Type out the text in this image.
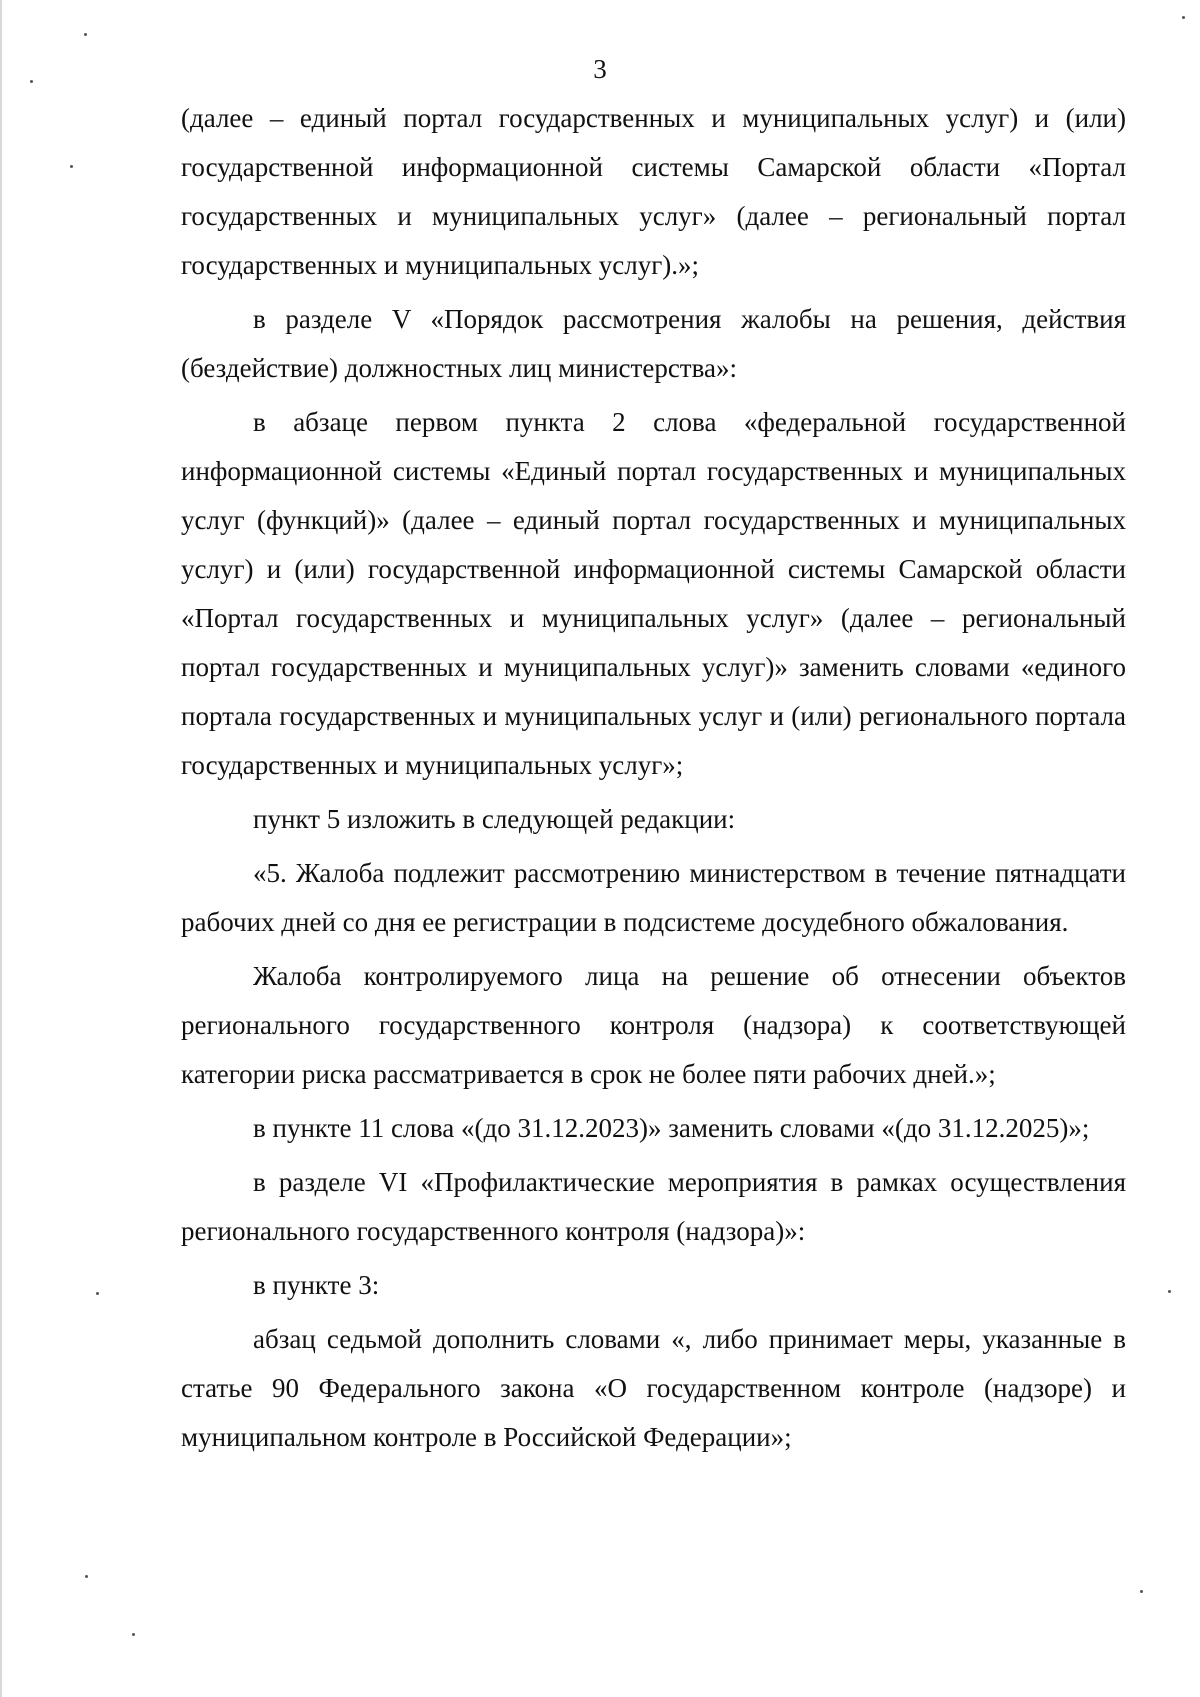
3

(далее – единый портал государственных и муниципальных услуг) и (или) государственной информационной системы Самарской области «Портал государственных и муниципальных услуг» (далее – региональный портал государственных и муниципальных услуг).»;

в разделе V «Порядок рассмотрения жалобы на решения, действия (бездействие) должностных лиц министерства»:

в абзаце первом пункта 2 слова «федеральной государственной информационной системы «Единый портал государственных и муниципальных услуг (функций)» (далее – единый портал государственных и муниципальных услуг) и (или) государственной информационной системы Самарской области «Портал государственных и муниципальных услуг» (далее – региональный портал государственных и муниципальных услуг)» заменить словами «единого портала государственных и муниципальных услуг и (или) регионального портала государственных и муниципальных услуг»;

пункт 5 изложить в следующей редакции:

«5. Жалоба подлежит рассмотрению министерством в течение пятнадцати рабочих дней со дня ее регистрации в подсистеме досудебного обжалования.

Жалоба контролируемого лица на решение об отнесении объектов регионального государственного контроля (надзора) к соответствующей категории риска рассматривается в срок не более пяти рабочих дней.»;

в пункте 11 слова «(до 31.12.2023)» заменить словами «(до 31.12.2025)»;

в разделе VI «Профилактические мероприятия в рамках осуществления регионального государственного контроля (надзора)»:

в пункте 3:

абзац седьмой дополнить словами «, либо принимает меры, указанные в статье 90 Федерального закона «О государственном контроле (надзоре) и муниципальном контроле в Российской Федерации»;
